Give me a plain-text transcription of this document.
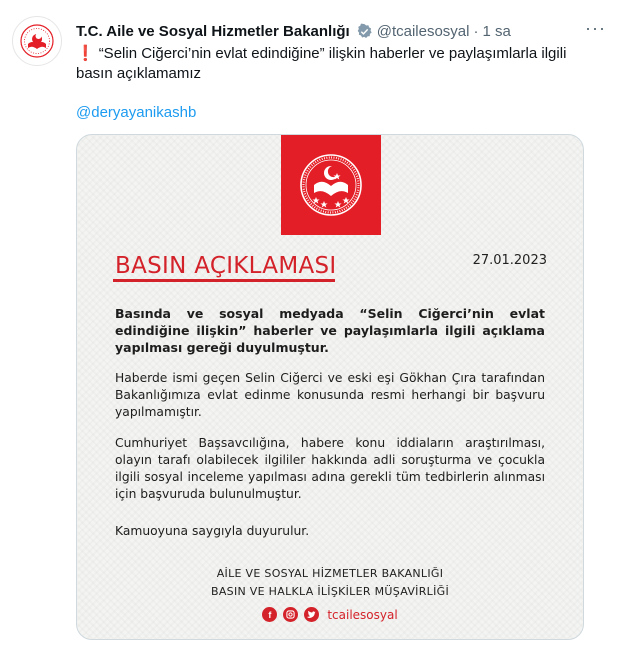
T.C. Aile ve Sosyal Hizmetler Bakanlığı @tcailesosyal · 1 sa	···
❗ “Selin Ciğerci’nin evlat edindiğine” ilişkin haberler ve paylaşımlarla ilgili basın açıklamamız
@deryayanikashb
BASIN AÇIKLAMASI	27.01.2023
Basında ve sosyal medyada “Selin Ciğerci’nin evlat edindiğine ilişkin” haberler ve paylaşımlarla ilgili açıklama yapılması gereği duyulmuştur.
Haberde ismi geçen Selin Ciğerci ve eski eşi Gökhan Çıra tarafından Bakanlığımıza evlat edinme konusunda resmi herhangi bir başvuru yapılmamıştır.
Cumhuriyet Başsavcılığına, habere konu iddiaların araştırılması, olayın tarafı olabilecek ilgililer hakkında adli soruşturma ve çocukla ilgili sosyal inceleme yapılması adına gerekli tüm tedbirlerin alınması için başvuruda bulunulmuştur.
Kamuoyuna saygıyla duyurulur.
AİLE VE SOSYAL HİZMETLER BAKANLIĞI
BASIN VE HALKLA İLİŞKİLER MÜŞAVİRLİĞİ
f	tcailesosyal
